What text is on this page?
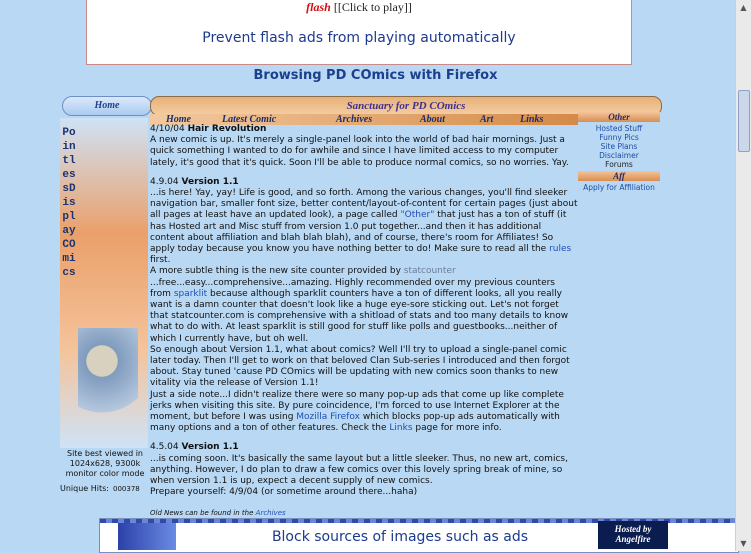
flash [[Click to play]]
Prevent flash ads from playing automatically
Browsing PD COmics with Firefox
Home
PointlessDisplay COmics
Site best viewed in 1024x628, 9300k monitor color mode
Unique Hits: 000378
Sanctuary for PD COmics
Home	Latest Comic	Archives	About	Art	Links

4/10/04 Hair Revolution

A new comic is up. It's merely a single-panel look into the world of bad hair mornings. Just a quick something I wanted to do for awhile and since I have limited access to my computer lately, it's good that it's quick. Soon I'll be able to produce normal comics, so no worries. Yay.

4.9.04 Version 1.1

...is here! Yay, yay! Life is good, and so forth. Among the various changes, you'll find sleeker navigation bar, smaller font size, better content/layout-of-content for certain pages (just about all pages at least have an updated look), a page called "Other" that just has a ton of stuff (it has Hosted art and Misc stuff from version 1.0 put together...and then it has additional content about affiliation and blah blah blah), and of course, there's room for Affiliates! So apply today because you know you have nothing better to do! Make sure to read all the rules first.

A more subtle thing is the new site counter provided by statcounter ...free...easy...comprehensive...amazing. Highly recommended over my previous counters from sparklit because although sparklit counters have a ton of different looks, all you really want is a damn counter that doesn't look like a huge eye-sore sticking out. Let's not forget that statcounter.com is comprehensive with a shitload of stats and too many details to know what to do with. At least sparklit is still good for stuff like polls and guestbooks...neither of which I currently have, but oh well.

So enough about Version 1.1, what about comics? Well I'll try to upload a single-panel comic later today. Then I'll get to work on that beloved Clan Sub-series I introduced and then forgot about. Stay tuned 'cause PD COmics will be updating with new comics soon thanks to new vitality via the release of Version 1.1!

Just a side note...I didn't realize there were so many pop-up ads that come up like complete jerks when visiting this site. By pure coincidence, I'm forced to use Internet Explorer at the moment, but before I was using Mozilla Firefox which blocks pop-up ads automatically with many options and a ton of other features. Check the Links page for more info.

4.5.04 Version 1.1

...is coming soon. It's basically the same layout but a little sleeker. Thus, no new art, comics, anything. However, I do plan to draw a few comics over this lovely spring break of mine, so when version 1.1 is up, expect a decent supply of new comics.

Prepare yourself: 4/9/04 (or sometime around there...haha)

Old News can be found in the Archives
Other
Hosted Stuff
Funny Pics
Site Plans
Disclaimer
Forums
Aff
Apply for Affiliation
Block sources of images such as ads	Hosted by
Angelfire
▲
▼
